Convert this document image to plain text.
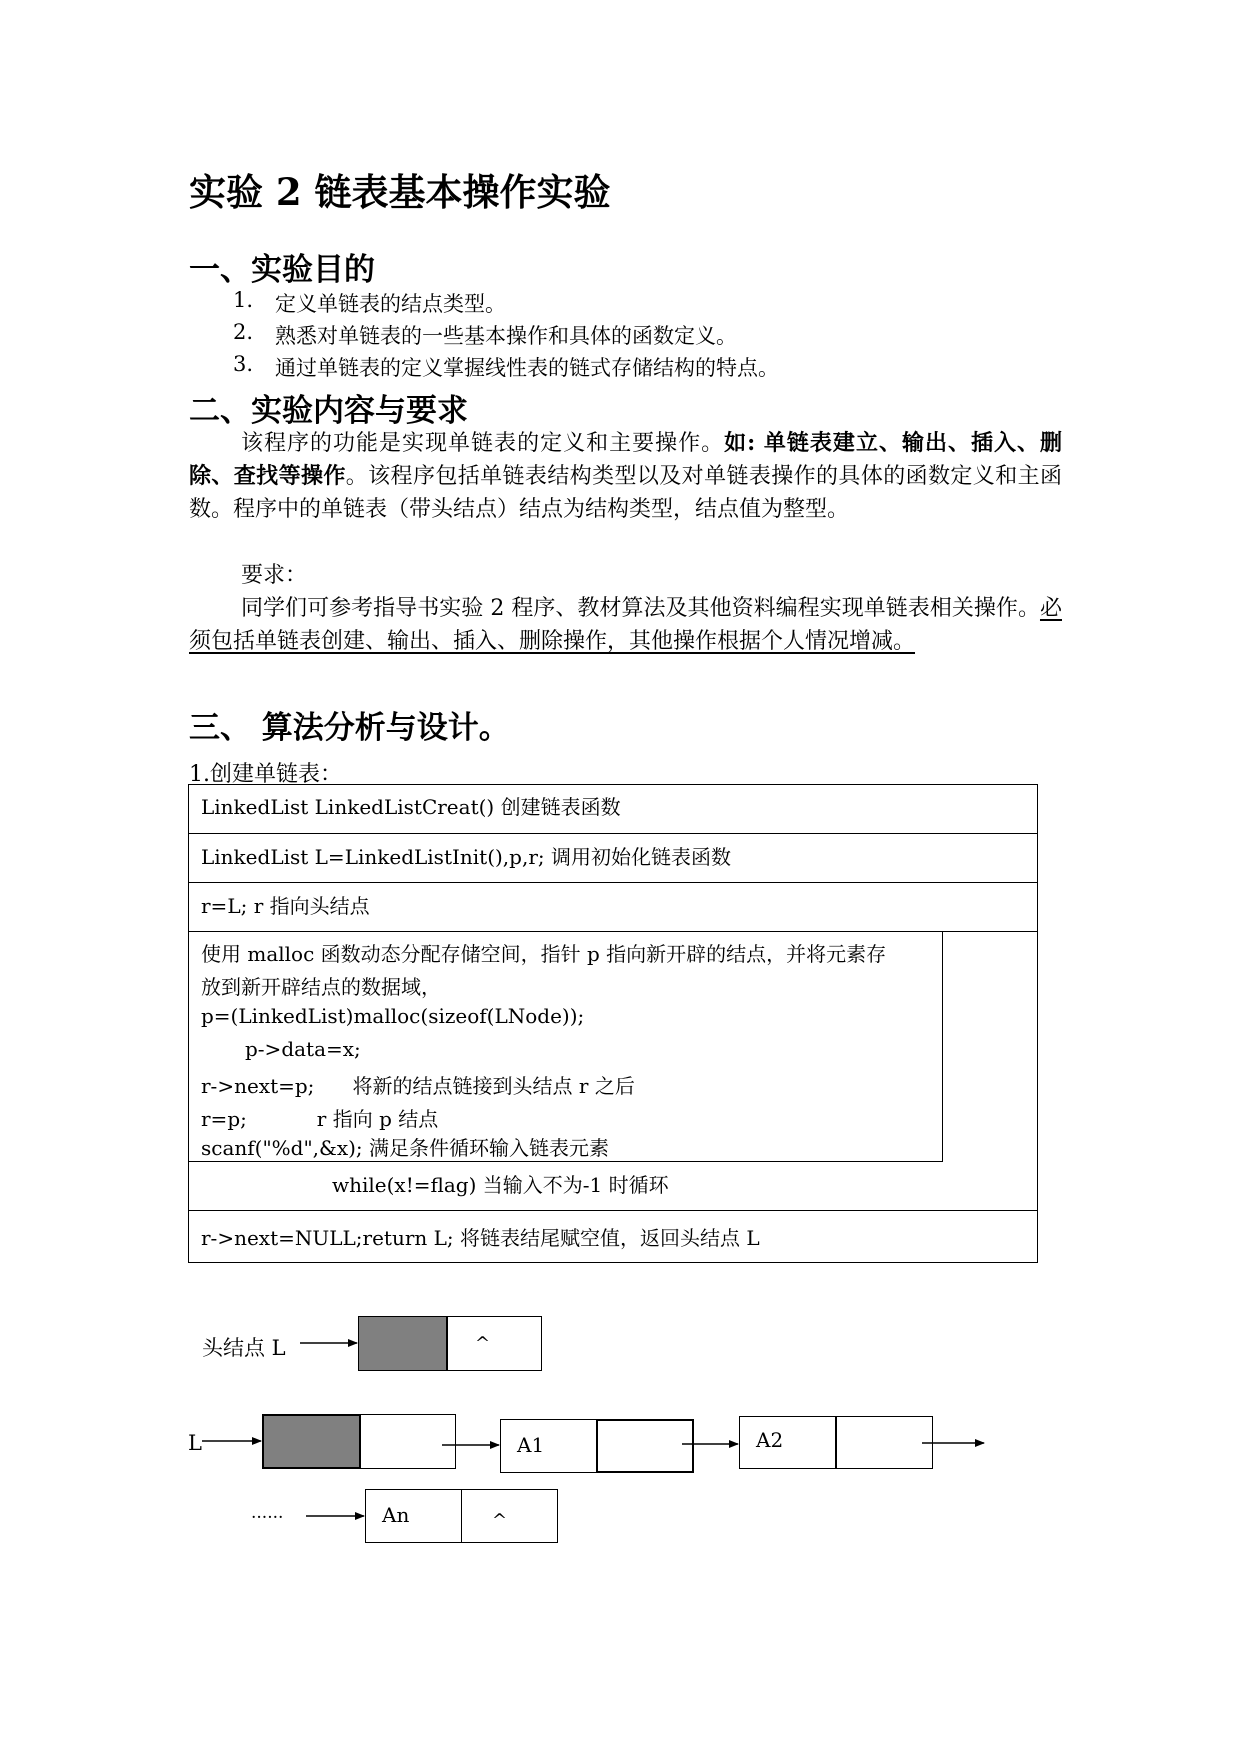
实验 2 链表基本操作实验
一、实验目的
1. 定义单链表的结点类型。
2. 熟悉对单链表的一些基本操作和具体的函数定义。
3. 通过单链表的定义掌握线性表的链式存储结构的特点。
二、实验内容与要求
该程序的功能是实现单链表的定义和主要操作。如: 单链表建立、输出、插入、删除、查找等操作。该程序包括单链表结构类型以及对单链表操作的具体的函数定义和主函数。程序中的单链表（带头结点）结点为结构类型，结点值为整型。
要求：
同学们可参考指导书实验 2 程序、教材算法及其他资料编程实现单链表相关操作。必须包括单链表创建、输出、插入、删除操作，其他操作根据个人情况增减。
三、 算法分析与设计。
1.创建单链表：
LinkedList LinkedListCreat() 创建链表函数
LinkedList L=LinkedListInit(),p,r; 调用初始化链表函数
r=L; r 指向头结点
使用 malloc 函数动态分配存储空间，指针 p 指向新开辟的结点，并将元素存
放到新开辟结点的数据域，
p=(LinkedList)malloc(sizeof(LNode));
p->data=x;
r->next=p;      将新的结点链接到头结点 r 之后
r=p;           r 指向 p 结点
scanf("%d",&x); 满足条件循环输入链表元素
while(x!=flag) 当输入不为-1 时循环
r->next=NULL;return L; 将链表结尾赋空值，返回头结点 L
头结点 L	^
L	A1	A2
......	An	^
